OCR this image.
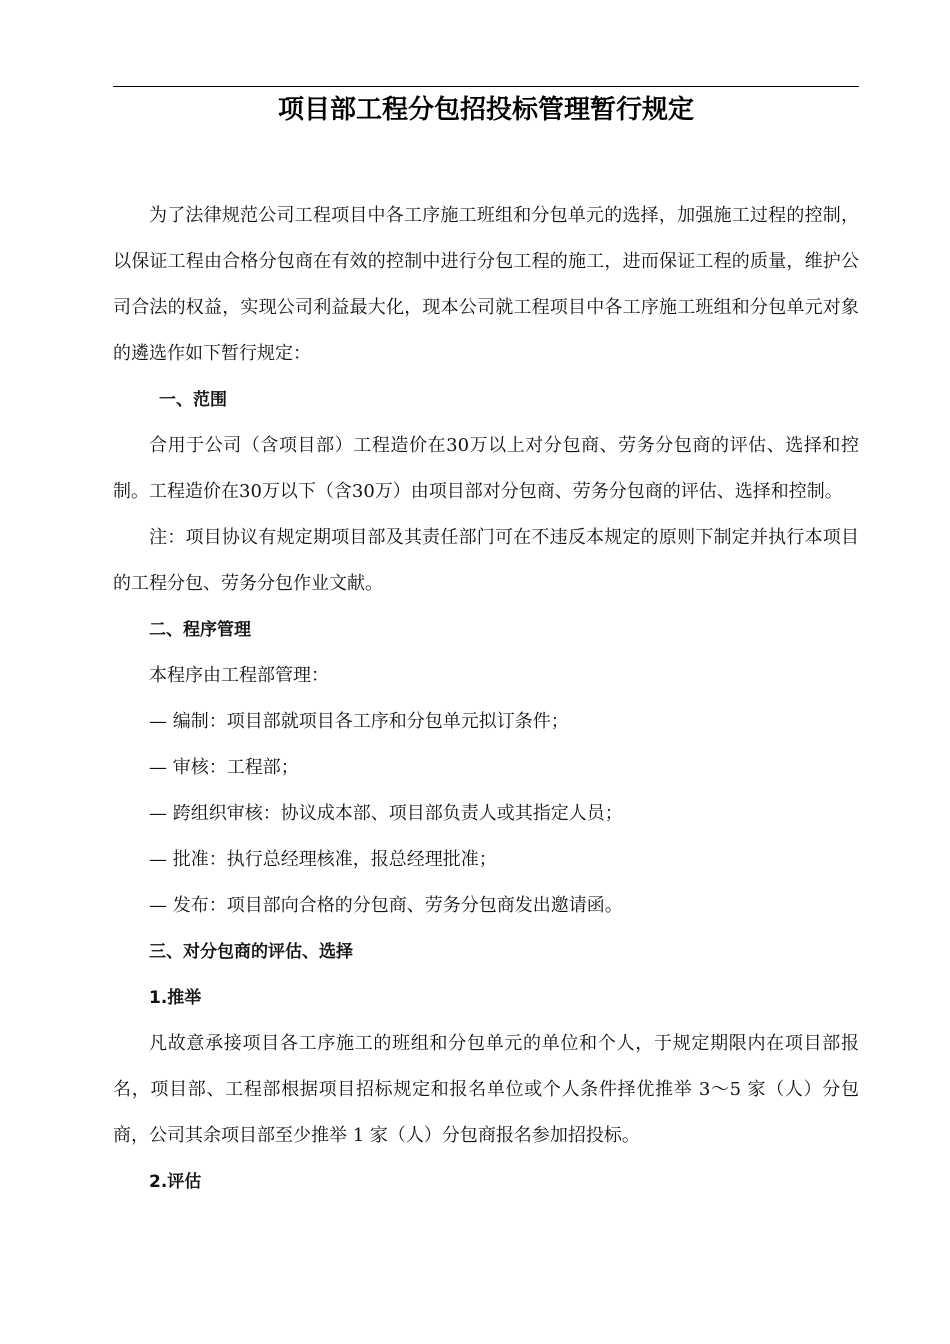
项目部工程分包招投标管理暂行规定

为了法律规范公司工程项目中各工序施工班组和分包单元的选择，加强施工过程的控制，以保证工程由合格分包商在有效的控制中进行分包工程的施工，进而保证工程的质量，维护公司合法的权益，实现公司利益最大化，现本公司就工程项目中各工序施工班组和分包单元对象的遴选作如下暂行规定：

一、范围

合用于公司（含项目部）工程造价在30万以上对分包商、劳务分包商的评估、选择和控制。工程造价在30万以下（含30万）由项目部对分包商、劳务分包商的评估、选择和控制。

注：项目协议有规定期项目部及其责任部门可在不违反本规定的原则下制定并执行本项目的工程分包、劳务分包作业文献。

二、程序管理

本程序由工程部管理：

— 编制：项目部就项目各工序和分包单元拟订条件；

— 审核：工程部；

— 跨组织审核：协议成本部、项目部负责人或其指定人员；

— 批准：执行总经理核准，报总经理批准；

— 发布：项目部向合格的分包商、劳务分包商发出邀请函。

三、对分包商的评估、选择

1.推举

凡故意承接项目各工序施工的班组和分包单元的单位和个人，于规定期限内在项目部报名，项目部、工程部根据项目招标规定和报名单位或个人条件择优推举 3～5 家（人）分包商，公司其余项目部至少推举 1 家（人）分包商报名参加招投标。

2.评估
